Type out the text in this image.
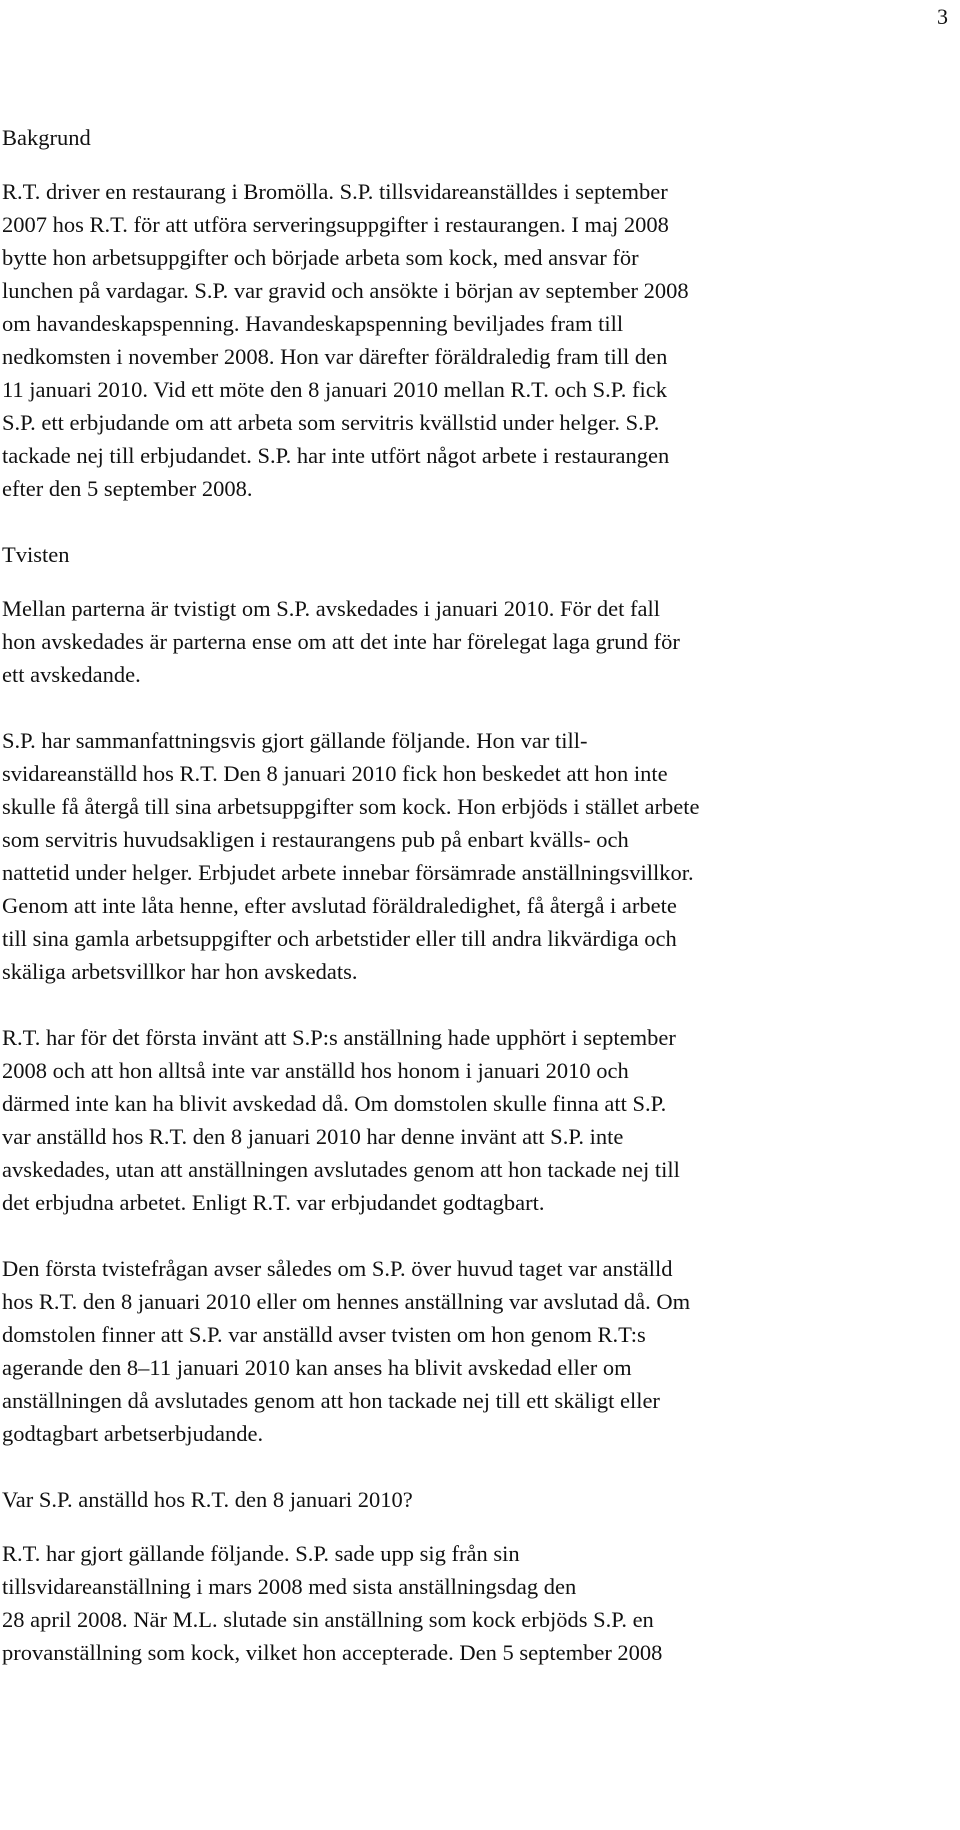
3
Bakgrund
R.T. driver en restaurang i Bromölla. S.P. tillsvidareanställdes i september
2007 hos R.T. för att utföra serveringsuppgifter i restaurangen. I maj 2008
bytte hon arbetsuppgifter och började arbeta som kock, med ansvar för
lunchen på vardagar. S.P. var gravid och ansökte i början av september 2008
om havandeskapspenning. Havandeskapspenning beviljades fram till
nedkomsten i november 2008. Hon var därefter föräldraledig fram till den
11 januari 2010. Vid ett möte den 8 januari 2010 mellan R.T. och S.P. fick
S.P. ett erbjudande om att arbeta som servitris kvällstid under helger. S.P.
tackade nej till erbjudandet. S.P. har inte utfört något arbete i restaurangen
efter den 5 september 2008.
Tvisten
Mellan parterna är tvistigt om S.P. avskedades i januari 2010. För det fall
hon avskedades är parterna ense om att det inte har förelegat laga grund för
ett avskedande.
S.P. har sammanfattningsvis gjort gällande följande. Hon var till-
svidareanställd hos R.T. Den 8 januari 2010 fick hon beskedet att hon inte
skulle få återgå till sina arbetsuppgifter som kock. Hon erbjöds i stället arbete
som servitris huvudsakligen i restaurangens pub på enbart kvälls- och
nattetid under helger. Erbjudet arbete innebar försämrade anställningsvillkor.
Genom att inte låta henne, efter avslutad föräldraledighet, få återgå i arbete
till sina gamla arbetsuppgifter och arbetstider eller till andra likvärdiga och
skäliga arbetsvillkor har hon avskedats.
R.T. har för det första invänt att S.P:s anställning hade upphört i september
2008 och att hon alltså inte var anställd hos honom i januari 2010 och
därmed inte kan ha blivit avskedad då. Om domstolen skulle finna att S.P.
var anställd hos R.T. den 8 januari 2010 har denne invänt att S.P. inte
avskedades, utan att anställningen avslutades genom att hon tackade nej till
det erbjudna arbetet. Enligt R.T. var erbjudandet godtagbart.
Den första tvistefrågan avser således om S.P. över huvud taget var anställd
hos R.T. den 8 januari 2010 eller om hennes anställning var avslutad då. Om
domstolen finner att S.P. var anställd avser tvisten om hon genom R.T:s
agerande den 8–11 januari 2010 kan anses ha blivit avskedad eller om
anställningen då avslutades genom att hon tackade nej till ett skäligt eller
godtagbart arbetserbjudande.
Var S.P. anställd hos R.T. den 8 januari 2010?
R.T. har gjort gällande följande. S.P. sade upp sig från sin
tillsvidareanställning i mars 2008 med sista anställningsdag den
28 april 2008. När M.L. slutade sin anställning som kock erbjöds S.P. en
provanställning som kock, vilket hon accepterade. Den 5 september 2008
